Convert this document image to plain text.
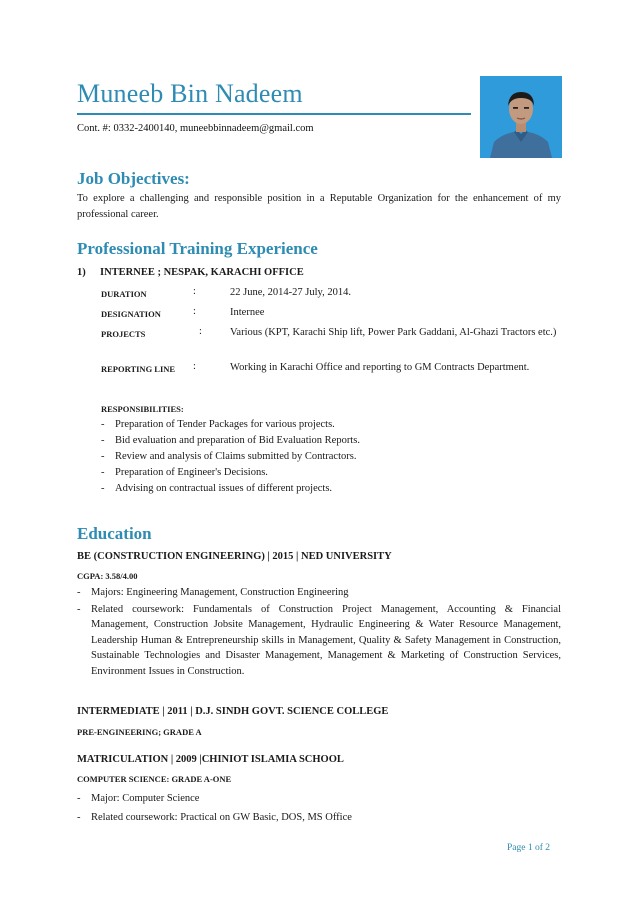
Muneeb Bin Nadeem
Cont. #: 0332-2400140, muneebbinnadeem@gmail.com
Job Objectives:
To explore a challenging and responsible position in a Reputable Organization for the enhancement of my professional career.
Professional Training Experience
1) INTERNEE ; NESPAK, KARACHI OFFICE
DURATION	:	22 June, 2014-27 July, 2014.
DESIGNATION	:	Internee
PROJECTS	:	Various (KPT, Karachi Ship lift, Power Park Gaddani, Al-Ghazi Tractors etc.)
REPORTING LINE :	Working in Karachi Office and reporting to GM Contracts Department.
RESPONSIBILITIES:
- Preparation of Tender Packages for various projects.
- Bid evaluation and preparation of Bid Evaluation Reports.
- Review and analysis of Claims submitted by Contractors.
- Preparation of Engineer's Decisions.
- Advising on contractual issues of different projects.
Education
BE (CONSTRUCTION ENGINEERING) | 2015 | NED UNIVERSITY
CGPA: 3.58/4.00
- Majors: Engineering Management, Construction Engineering
- Related coursework: Fundamentals of Construction Project Management, Accounting & Financial Management, Construction Jobsite Management, Hydraulic Engineering & Water Resource Management, Leadership Human & Entrepreneurship skills in Management, Quality & Safety Management in Construction, Sustainable Technologies and Disaster Management, Management & Marketing of Construction Services, Environment Issues in Construction.
INTERMEDIATE | 2011 | D.J. SINDH GOVT. SCIENCE COLLEGE
PRE-ENGINEERING; GRADE A
MATRICULATION | 2009 |CHINIOT ISLAMIA SCHOOL
COMPUTER SCIENCE: GRADE A-ONE
- Major: Computer Science
- Related coursework: Practical on GW Basic, DOS, MS Office
Page 1 of 2
